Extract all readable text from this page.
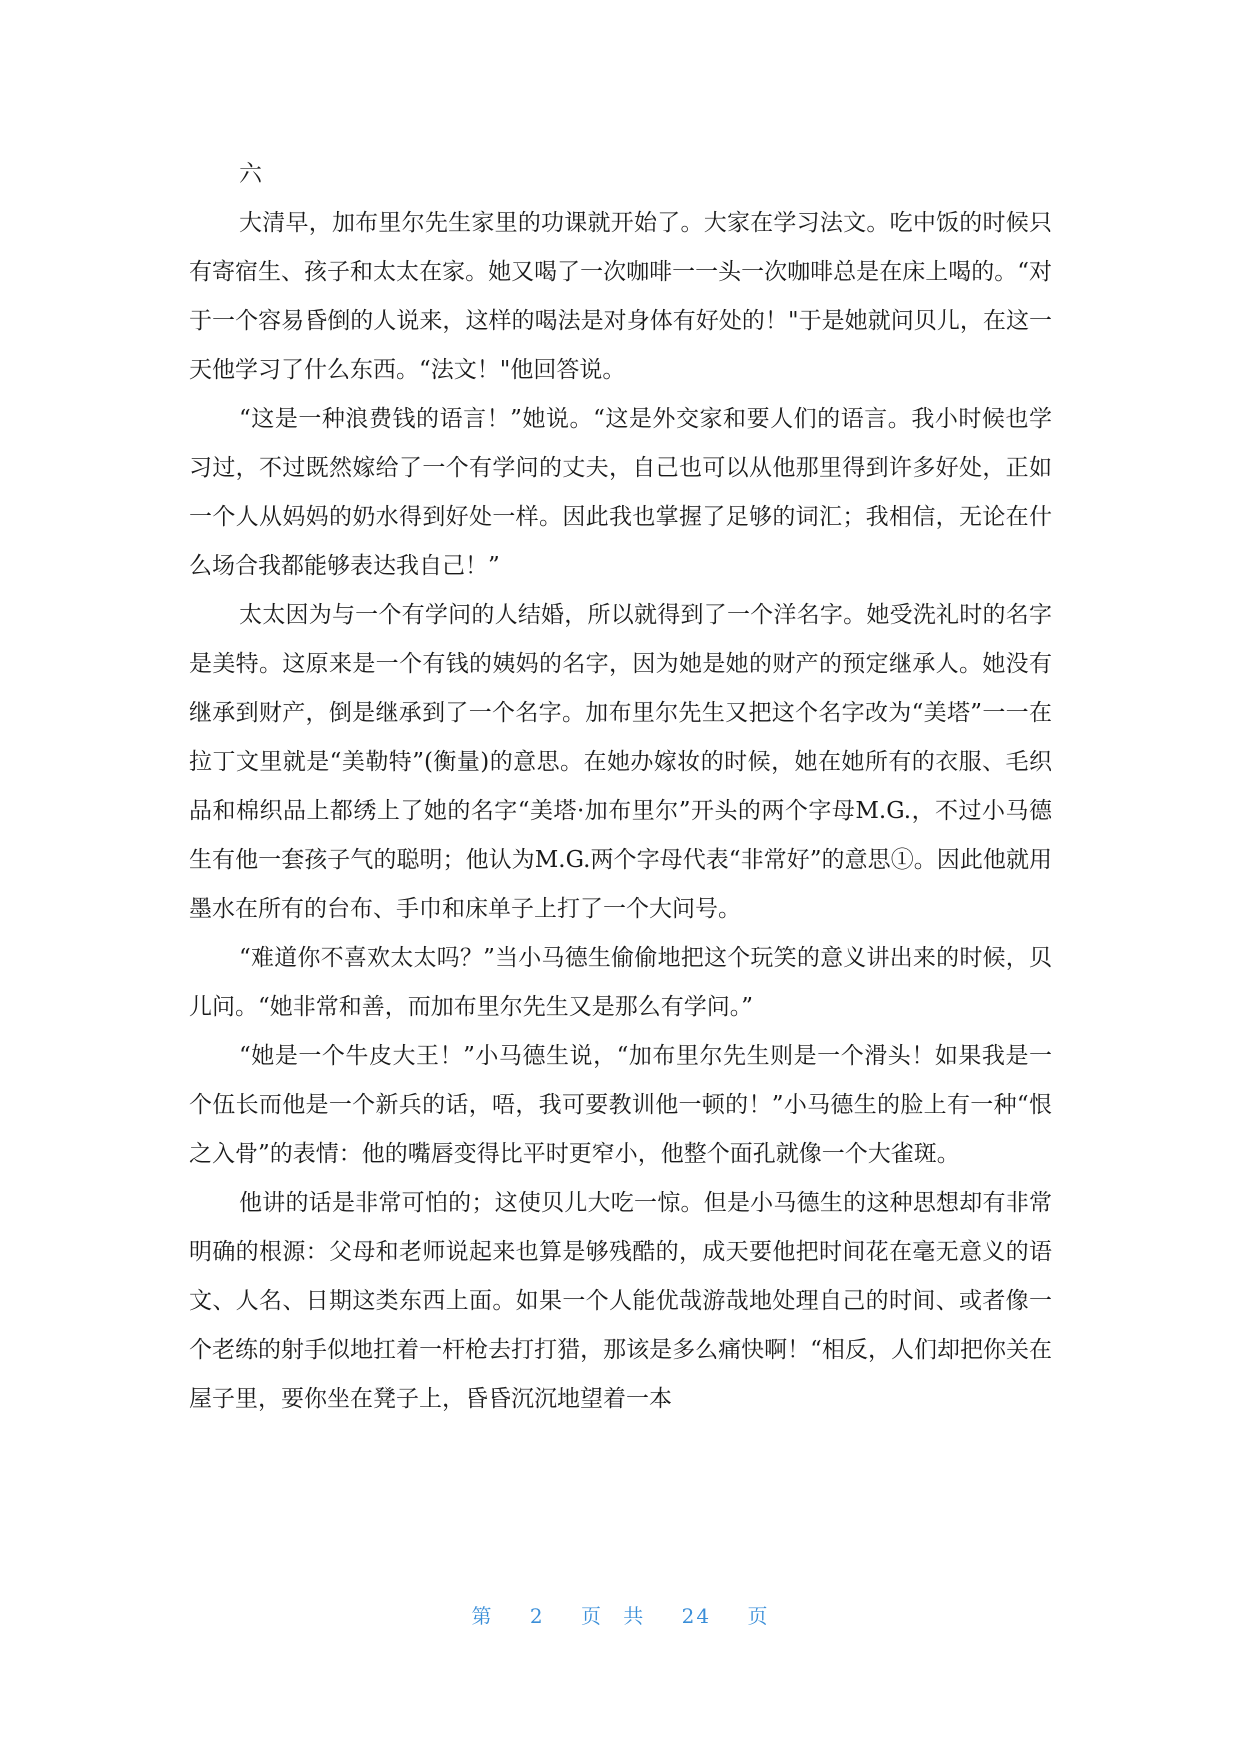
六

大清早，加布里尔先生家里的功课就开始了。大家在学习法文。吃中饭的时候只有寄宿生、孩子和太太在家。她又喝了一次咖啡一一头一次咖啡总是在床上喝的。“对于一个容易昏倒的人说来，这样的喝法是对身体有好处的！"于是她就问贝儿，在这一天他学习了什么东西。“法文！"他回答说。

“这是一种浪费钱的语言！”她说。“这是外交家和要人们的语言。我小时候也学习过，不过既然嫁给了一个有学问的丈夫，自己也可以从他那里得到许多好处，正如一个人从妈妈的奶水得到好处一样。因此我也掌握了足够的词汇；我相信，无论在什么场合我都能够表达我自己！”

太太因为与一个有学问的人结婚，所以就得到了一个洋名字。她受洗礼时的名字是美特。这原来是一个有钱的姨妈的名字，因为她是她的财产的预定继承人。她没有继承到财产，倒是继承到了一个名字。加布里尔先生又把这个名字改为“美塔”一一在拉丁文里就是“美勒特”(衡量)的意思。在她办嫁妆的时候，她在她所有的衣服、毛织品和棉织品上都绣上了她的名字“美塔·加布里尔”开头的两个字母M.G.，不过小马德生有他一套孩子气的聪明；他认为M.G.两个字母代表“非常好”的意思①。因此他就用墨水在所有的台布、手巾和床单子上打了一个大问号。

“难道你不喜欢太太吗？”当小马德生偷偷地把这个玩笑的意义讲出来的时候，贝儿问。“她非常和善，而加布里尔先生又是那么有学问。”

“她是一个牛皮大王！”小马德生说，“加布里尔先生则是一个滑头！如果我是一个伍长而他是一个新兵的话，唔，我可要教训他一顿的！”小马德生的脸上有一种“恨之入骨”的表情：他的嘴唇变得比平时更窄小，他整个面孔就像一个大雀斑。

他讲的话是非常可怕的；这使贝儿大吃一惊。但是小马德生的这种思想却有非常明确的根源：父母和老师说起来也算是够残酷的，成天要他把时间花在毫无意义的语文、人名、日期这类东西上面。如果一个人能优哉游哉地处理自己的时间、或者像一个老练的射手似地扛着一杆枪去打打猎，那该是多么痛快啊！“相反，人们却把你关在屋子里，要你坐在凳子上，昏昏沉沉地望着一本

第 2 页 共 24 页
